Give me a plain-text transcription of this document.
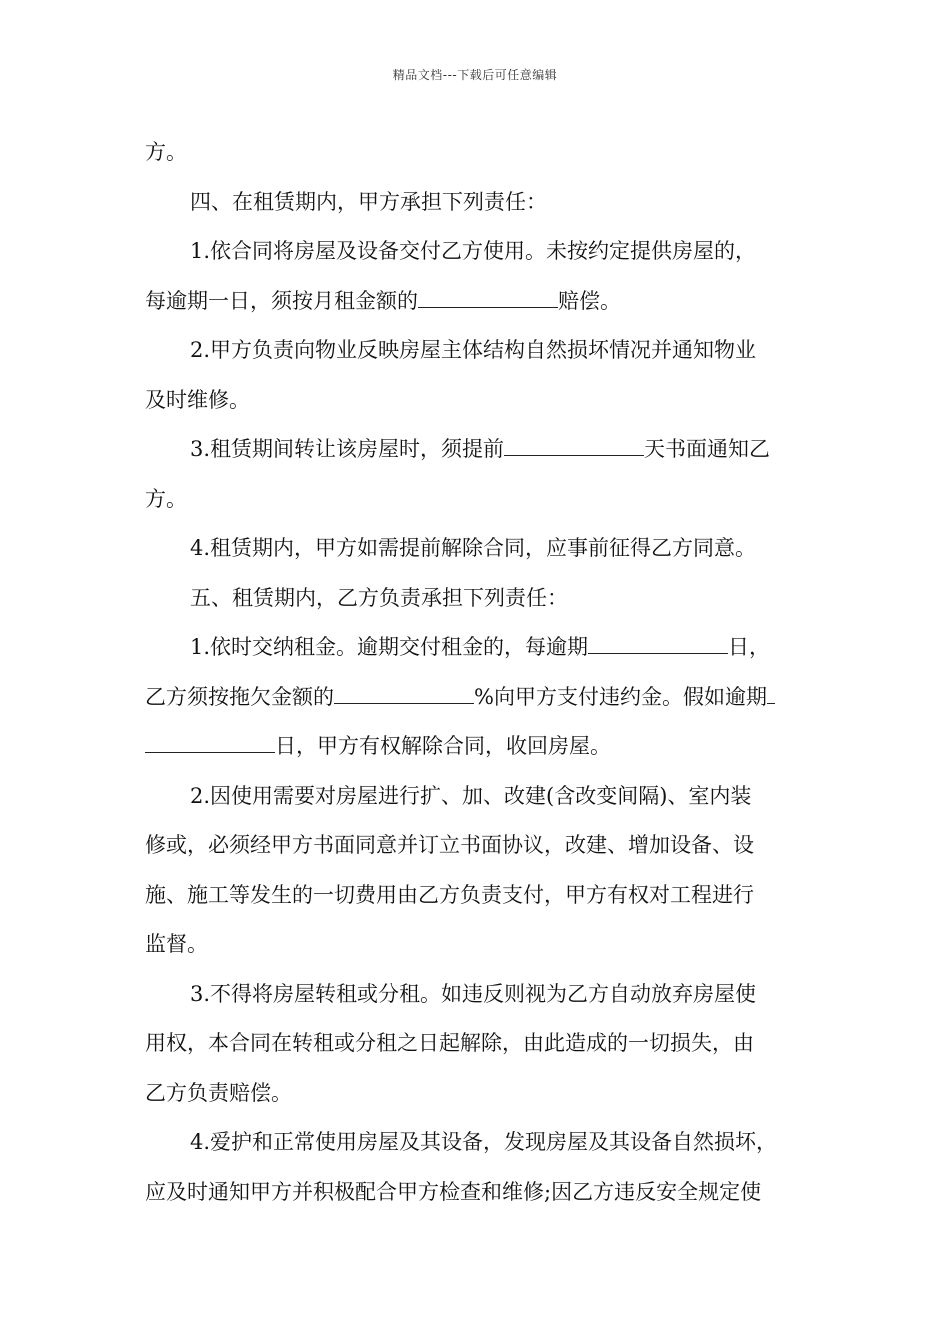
精品文档---下载后可任意编辑
方。
四、在租赁期内，甲方承担下列责任：
1.依合同将房屋及设备交付乙方使用。未按约定提供房屋的，
每逾期一日，须按月租金额的	赔偿。
2.甲方负责向物业反映房屋主体结构自然损坏情况并通知物业
及时维修。
3.租赁期间转让该房屋时，须提前	天书面通知乙
方。
4.租赁期内，甲方如需提前解除合同，应事前征得乙方同意。
五、租赁期内，乙方负责承担下列责任：
1.依时交纳租金。逾期交付租金的，每逾期	日，
乙方须按拖欠金额的	%向甲方支付违约金。假如逾期
日，甲方有权解除合同，收回房屋。
2.因使用需要对房屋进行扩、加、改建(含改变间隔)、室内装
修或，必须经甲方书面同意并订立书面协议，改建、增加设备、设
施、施工等发生的一切费用由乙方负责支付，甲方有权对工程进行
监督。
3.不得将房屋转租或分租。如违反则视为乙方自动放弃房屋使
用权，本合同在转租或分租之日起解除，由此造成的一切损失，由
乙方负责赔偿。
4.爱护和正常使用房屋及其设备，发现房屋及其设备自然损坏，
应及时通知甲方并积极配合甲方检查和维修;因乙方违反安全规定使
